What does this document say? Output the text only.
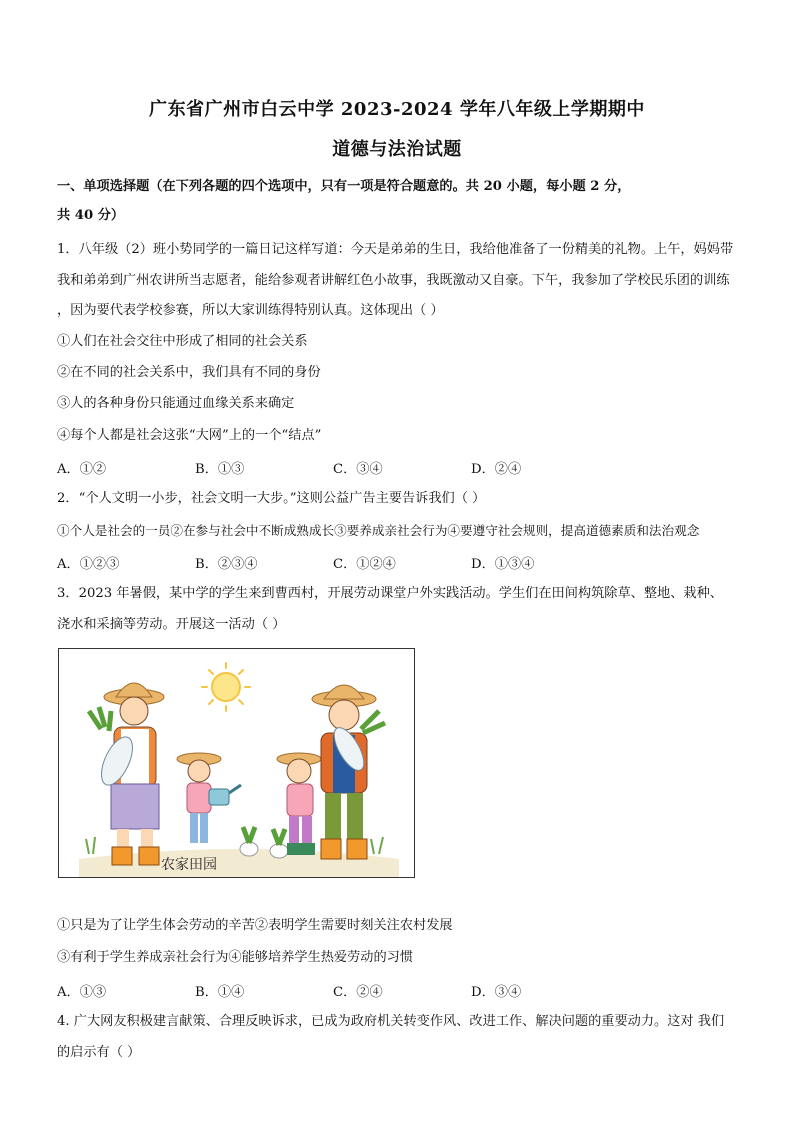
广东省广州市白云中学 2023-2024 学年八年级上学期期中
道德与法治试题
一、单项选择题（在下列各题的四个选项中，只有一项是符合题意的。共 20 小题，每小题 2 分，
共 40 分）
1．八年级（2）班小势同学的一篇日记这样写道：今天是弟弟的生日，我给他准备了一份精美的礼物。上午，妈妈带
我和弟弟到广州农讲所当志愿者，能给参观者讲解红色小故事，我既激动又自豪。下午，我参加了学校民乐团的训练
，因为要代表学校参赛，所以大家训练得特别认真。这体现出（ ）
①人们在社会交往中形成了相同的社会关系
②在不同的社会关系中，我们具有不同的身份
③人的各种身份只能通过血缘关系来确定
④每个人都是社会这张“大网”上的一个“结点”
A．①②	B．①③	C．③④	D．②④
2．“个人文明一小步，社会文明一大步。”这则公益广告主要告诉我们（ ）
①个人是社会的一员②在参与社会中不断成熟成长③要养成亲社会行为④要遵守社会规则，提高道德素质和法治观念
A．①②③	B．②③④	C．①②④	D．①③④
3．2023 年暑假，某中学的学生来到曹西村，开展劳动课堂户外实践活动。学生们在田间构筑除草、整地、栽种、
浇水和采摘等劳动。开展这一活动（ ）
农家田园
①只是为了让学生体会劳动的辛苦②表明学生需要时刻关注农村发展
③有利于学生养成亲社会行为④能够培养学生热爱劳动的习惯
A．①③	B．①④	C．②④	D．③④
4. 广大网友积极建言献策、合理反映诉求，已成为政府机关转变作风、改进工作、解决问题的重要动力。这对 我们
的启示有（ ）
